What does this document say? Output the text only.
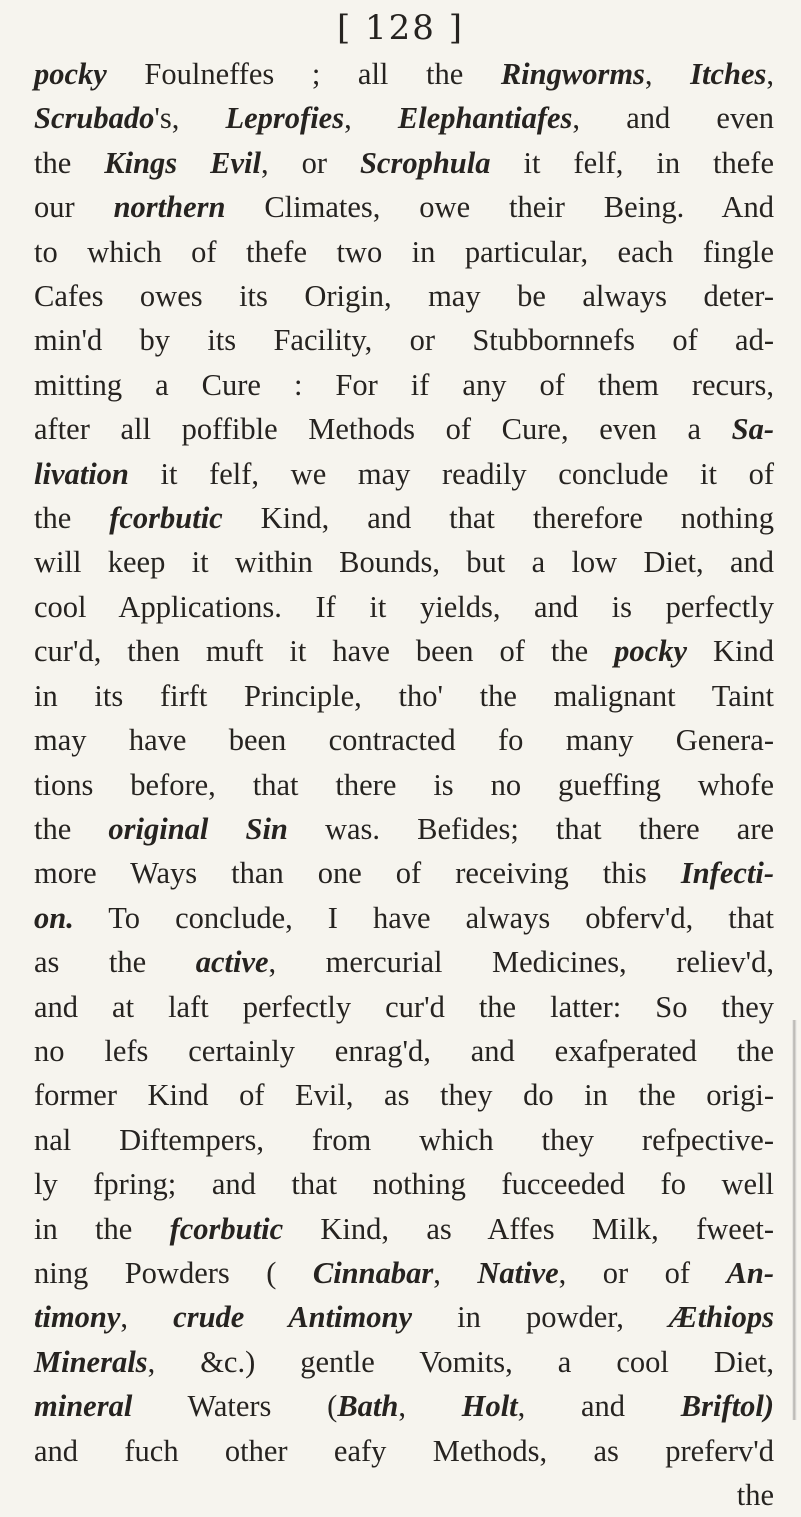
[ 128 ]
pocky Foulneffes ; all the Ringworms, Itches,
Scrubado's, Leprofies, Elephantiafes, and even
the Kings Evil, or Scrophula it felf, in thefe
our northern Climates, owe their Being. And
to which of thefe two in particular, each fingle
Cafes owes its Origin, may be always deter-
min'd by its Facility, or Stubbornnefs of ad-
mitting a Cure : For if any of them recurs,
after all poffible Methods of Cure, even a Sa-
livation it felf, we may readily conclude it of
the fcorbutic Kind, and that therefore nothing
will keep it within Bounds, but a low Diet, and
cool Applications. If it yields, and is perfectly
cur'd, then muft it have been of the pocky Kind
in its firft Principle, tho' the malignant Taint
may have been contracted fo many Genera-
tions before, that there is no gueffing whofe
the original Sin was. Befides; that there are
more Ways than one of receiving this Infecti-
on. To conclude, I have always obferv'd, that
as the active, mercurial Medicines, reliev'd,
and at laft perfectly cur'd the latter: So they
no lefs certainly enrag'd, and exafperated the
former Kind of Evil, as they do in the origi-
nal Diftempers, from which they refpective-
ly fpring; and that nothing fucceeded fo well
in the fcorbutic Kind, as Affes Milk, fweet-
ning Powders ( Cinnabar, Native, or of An-
timony, crude Antimony in powder, Æthiops
Minerals, &c.) gentle Vomits, a cool Diet,
mineral Waters (Bath, Holt, and Briftol)
and fuch other eafy Methods, as preferv'd
the
